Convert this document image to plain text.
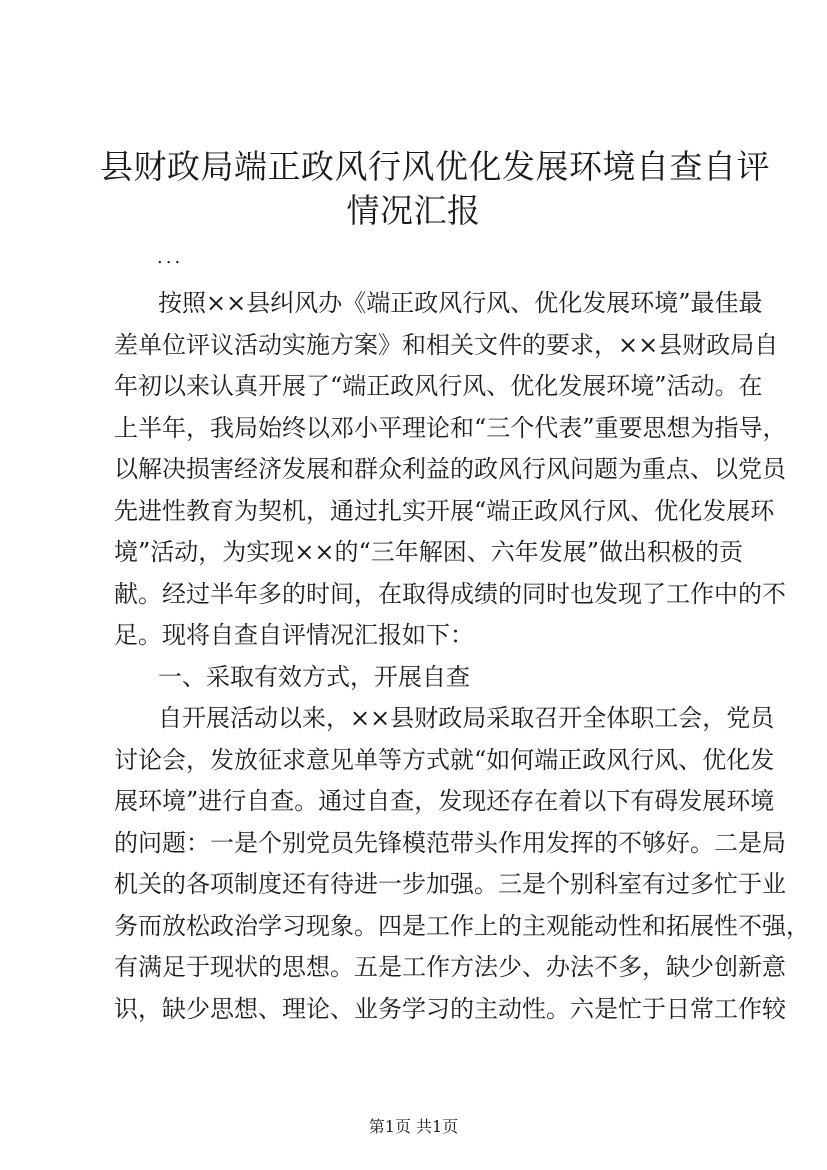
县财政局端正政风行风优化发展环境自查自评
情况汇报
...
按照××县纠风办《端正政风行风、优化发展环境”最佳最
差单位评议活动实施方案》和相关文件的要求，××县财政局自
年初以来认真开展了“端正政风行风、优化发展环境”活动。在
上半年，我局始终以邓小平理论和“三个代表”重要思想为指导，
以解决损害经济发展和群众利益的政风行风问题为重点、以党员
先进性教育为契机，通过扎实开展“端正政风行风、优化发展环
境”活动，为实现××的“三年解困、六年发展”做出积极的贡
献。经过半年多的时间，在取得成绩的同时也发现了工作中的不
足。现将自查自评情况汇报如下：
一、采取有效方式，开展自查
自开展活动以来，××县财政局采取召开全体职工会，党员
讨论会，发放征求意见单等方式就“如何端正政风行风、优化发
展环境”进行自查。通过自查，发现还存在着以下有碍发展环境
的问题：一是个别党员先锋模范带头作用发挥的不够好。二是局
机关的各项制度还有待进一步加强。三是个别科室有过多忙于业
务而放松政治学习现象。四是工作上的主观能动性和拓展性不强，
有满足于现状的思想。五是工作方法少、办法不多，缺少创新意
识，缺少思想、理论、业务学习的主动性。六是忙于日常工作较
第1页 共1页
